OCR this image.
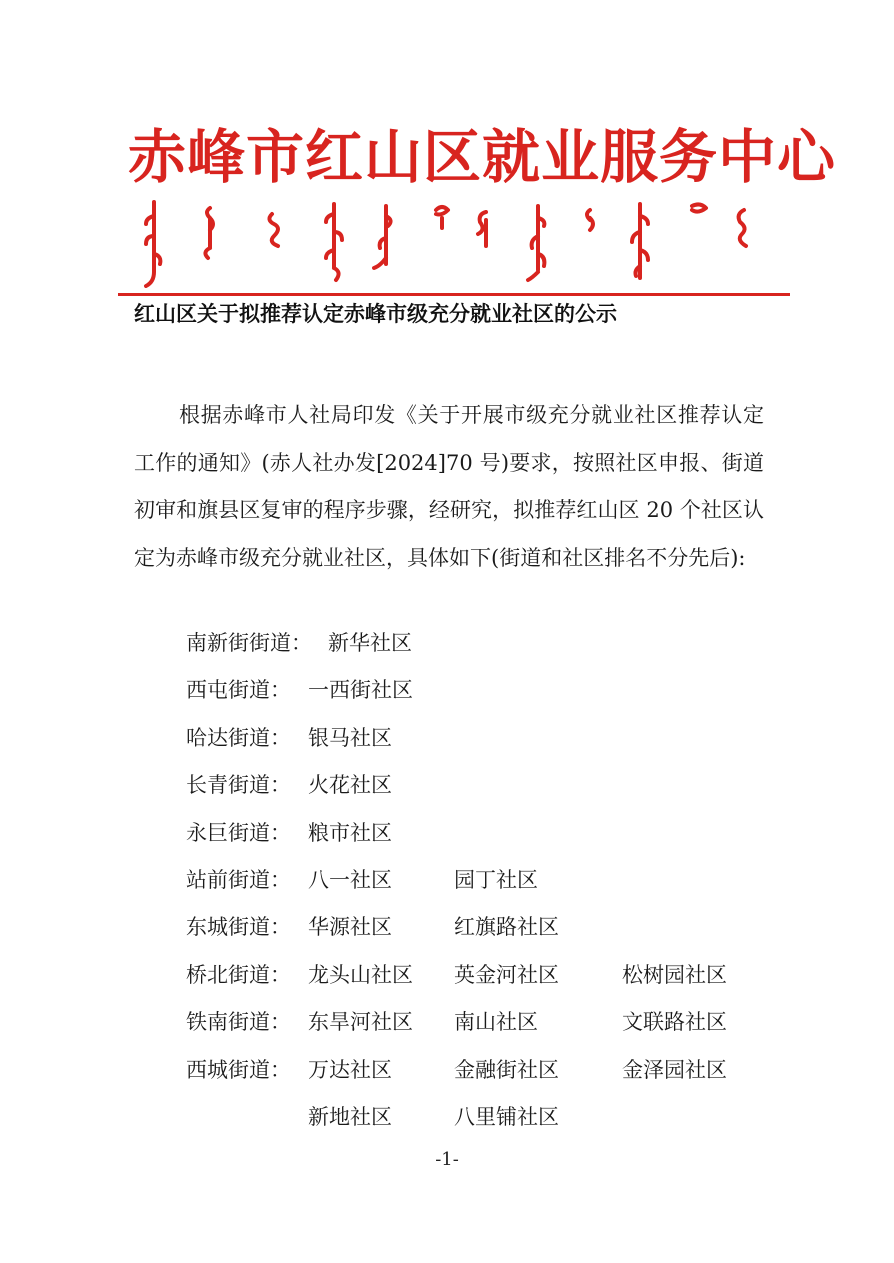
赤峰市红山区就业服务中心
红山区关于拟推荐认定赤峰市级充分就业社区的公示

根据赤峰市人社局印发《关于开展市级充分就业社区推荐认定工作的通知》(赤人社办发[2024]70 号)要求，按照社区申报、街道初审和旗县区复审的程序步骤，经研究，拟推荐红山区 20 个社区认定为赤峰市级充分就业社区，具体如下(街道和社区排名不分先后):

南新街街道： 新华社区
西屯街道： 一西街社区
哈达街道： 银马社区
长青街道： 火花社区
永巨街道： 粮市社区
站前街道： 八一社区	园丁社区
东城街道： 华源社区	红旗路社区
桥北街道： 龙头山社区 英金河社区	松树园社区
铁南街道： 东旱河社区 南山社区	文联路社区
西城街道： 万达社区	金融街社区	金泽园社区
新地社区	八里铺社区
-1-
